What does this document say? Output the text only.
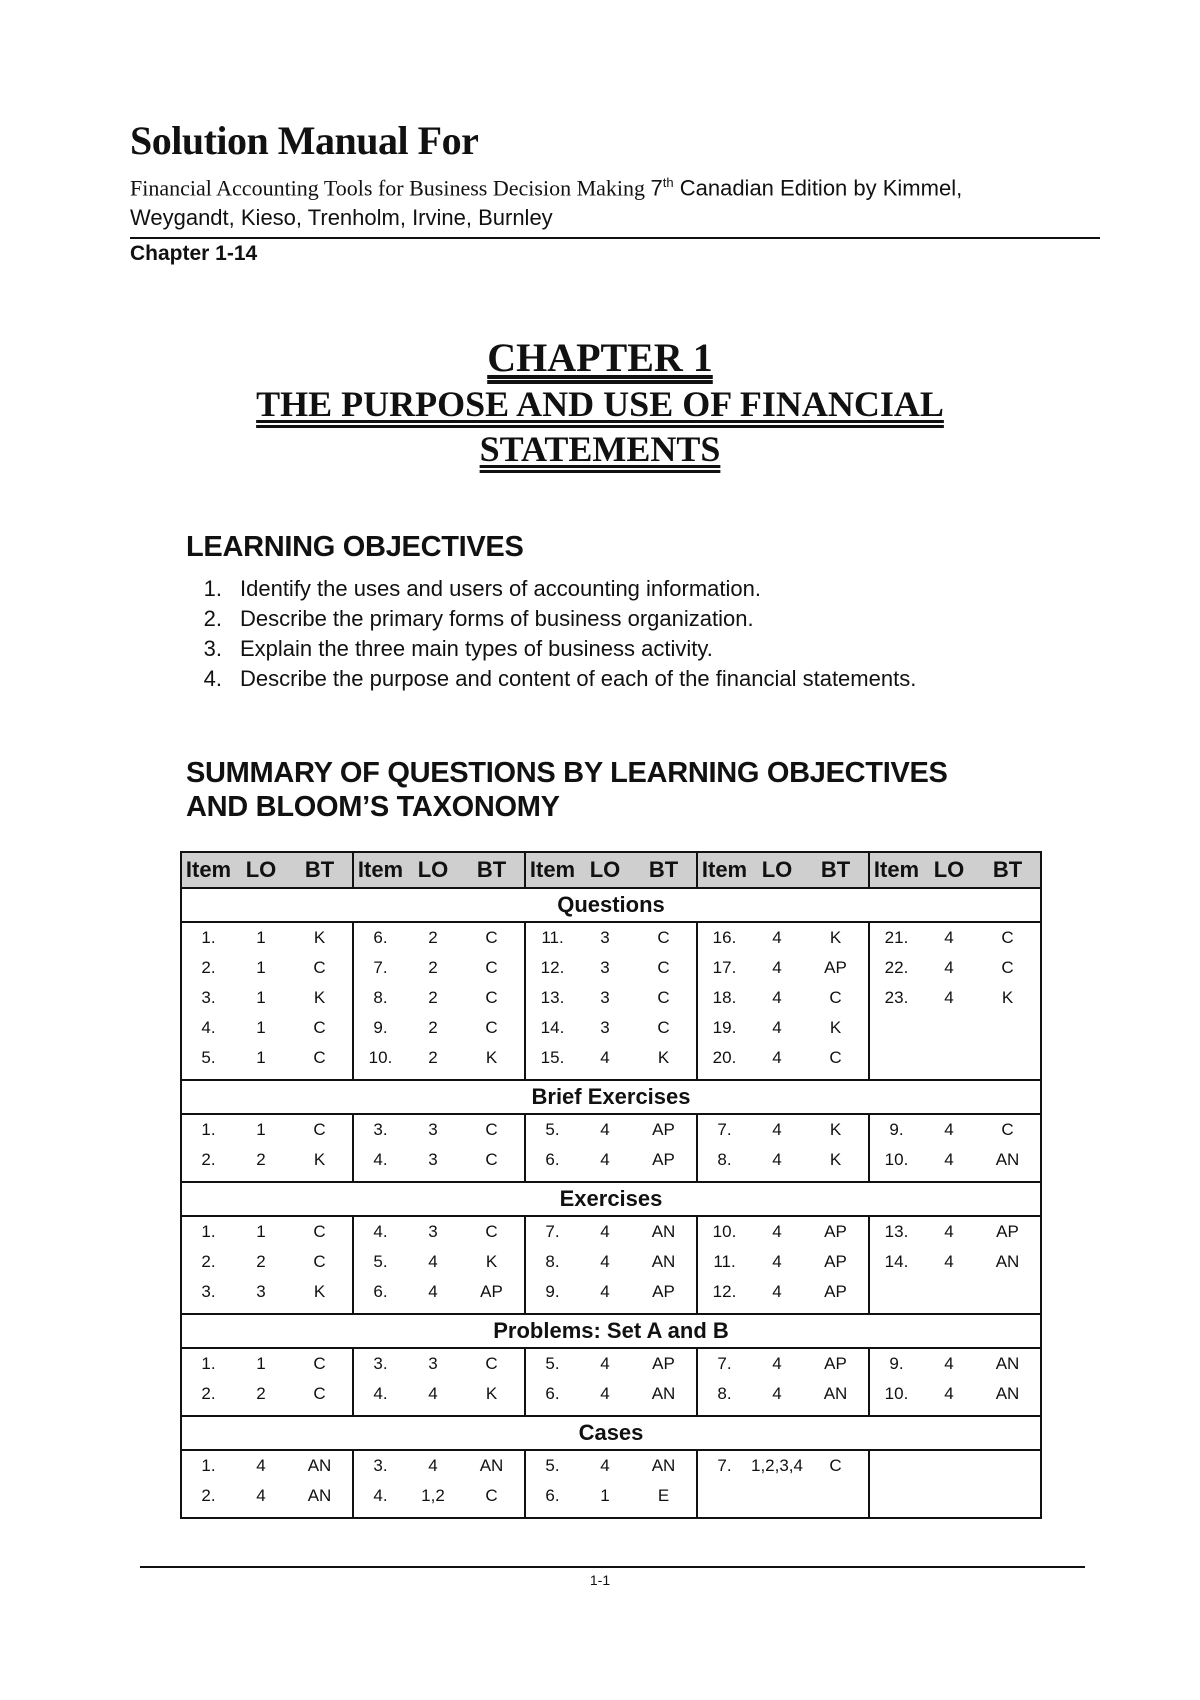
Solution Manual For
Financial Accounting Tools for Business Decision Making 7th Canadian Edition by Kimmel,
Weygandt, Kieso, Trenholm, Irvine, Burnley
Chapter 1-14
CHAPTER 1
THE PURPOSE AND USE OF FINANCIAL
STATEMENTS
LEARNING OBJECTIVES
1. Identify the uses and users of accounting information.
2. Describe the primary forms of business organization.
3. Explain the three main types of business activity.
4. Describe the purpose and content of each of the financial statements.
SUMMARY OF QUESTIONS BY LEARNING OBJECTIVES
AND BLOOM’S TAXONOMY
Item	LO	BT	Item	LO	BT	Item	LO	BT	Item	LO	BT	Item	LO	BT
Questions														
1.	1	K	6.	2	C	11.	3	C	16.	4	K	21.	4	C
2.	1	C	7.	2	C	12.	3	C	17.	4	AP	22.	4	C
3.	1	K	8.	2	C	13.	3	C	18.	4	C	23.	4	K
4.	1	C	9.	2	C	14.	3	C	19.	4	K			
5.	1	C	10.	2	K	15.	4	K	20.	4	C			

Brief Exercises														
1.	1	C	3.	3	C	5.	4	AP	7.	4	K	9.	4	C
2.	2	K	4.	3	C	6.	4	AP	8.	4	K	10.	4	AN

Exercises														
1.	1	C	4.	3	C	7.	4	AN	10.	4	AP	13.	4	AP
2.	2	C	5.	4	K	8.	4	AN	11.	4	AP	14.	4	AN
3.	3	K	6.	4	AP	9.	4	AP	12.	4	AP			

Problems: Set A and B														
1.	1	C	3.	3	C	5.	4	AP	7.	4	AP	9.	4	AN
2.	2	C	4.	4	K	6.	4	AN	8.	4	AN	10.	4	AN

Cases														
1.	4	AN	3.	4	AN	5.	4	AN	7.	1,2,3,4	C			
2.	4	AN	4.	1,2	C	6.	1	E						

1-1
